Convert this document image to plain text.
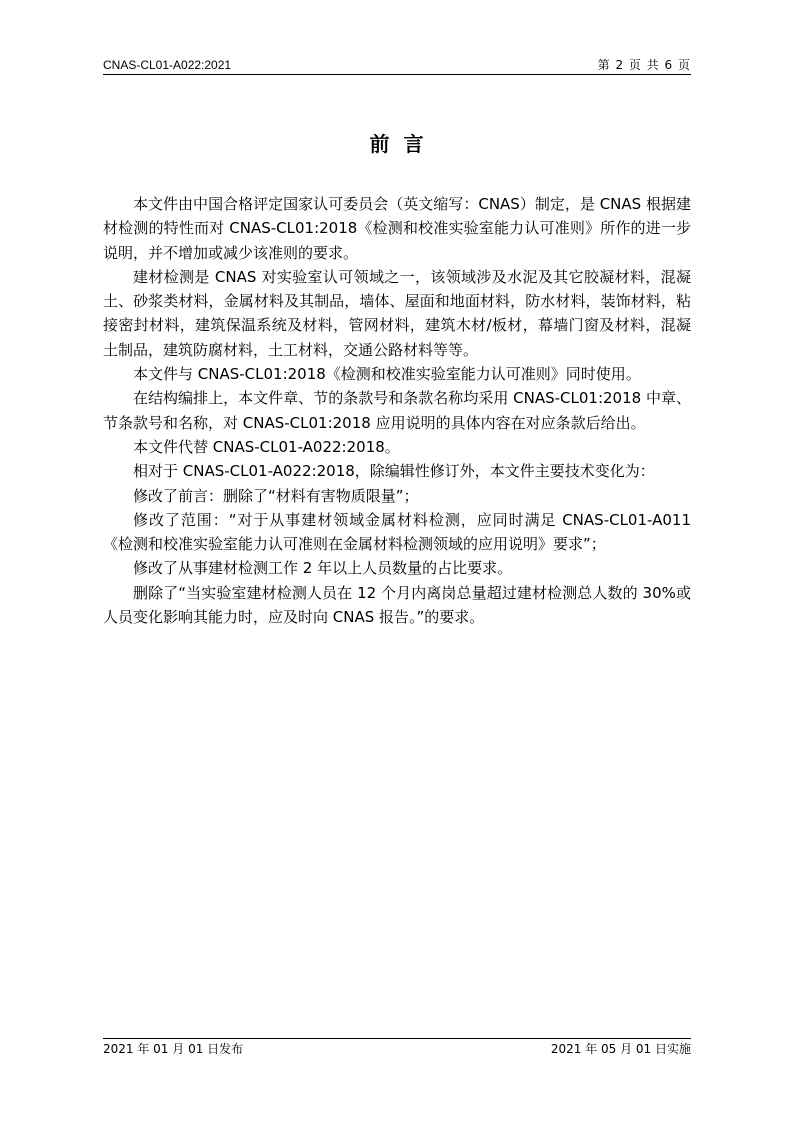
CNAS-CL01-A022:2021	第 2 页 共 6 页
前言

本文件由中国合格评定国家认可委员会（英文缩写：CNAS）制定，是 CNAS 根据建材检测的特性而对 CNAS-CL01:2018《检测和校准实验室能力认可准则》所作的进一步说明，并不增加或减少该准则的要求。

建材检测是 CNAS 对实验室认可领域之一，该领域涉及水泥及其它胶凝材料，混凝土、砂浆类材料，金属材料及其制品，墙体、屋面和地面材料，防水材料，装饰材料，粘接密封材料，建筑保温系统及材料，管网材料，建筑木材/板材，幕墙门窗及材料，混凝土制品，建筑防腐材料，土工材料，交通公路材料等等。

本文件与 CNAS-CL01:2018《检测和校准实验室能力认可准则》同时使用。

在结构编排上，本文件章、节的条款号和条款名称均采用 CNAS-CL01:2018 中章、节条款号和名称，对 CNAS-CL01:2018 应用说明的具体内容在对应条款后给出。

本文件代替 CNAS-CL01-A022:2018。

相对于 CNAS-CL01-A022:2018，除编辑性修订外，本文件主要技术变化为：

修改了前言：删除了“材料有害物质限量”；

修改了范围：“对于从事建材领域金属材料检测，应同时满足 CNAS-CL01-A011《检测和校准实验室能力认可准则在金属材料检测领域的应用说明》要求”；

修改了从事建材检测工作 2 年以上人员数量的占比要求。

删除了“当实验室建材检测人员在 12 个月内离岗总量超过建材检测总人数的 30%或人员变化影响其能力时，应及时向 CNAS 报告。”的要求。

2021 年 01 月 01 日发布	2021 年 05 月 01 日实施
